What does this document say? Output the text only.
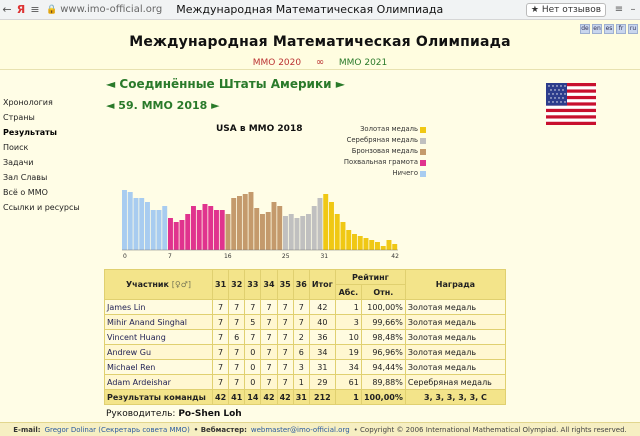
← Я ≡ 🔒 www.imo-official.org	Международная Математическая Олимпиада	★ Нет отзывов	≡ –
de en es	fr	ru
Международная Математическая Олимпиада
ММО 2020 ∞ ММО 2021
Хронология
Страны
Результаты
Поиск
Задачи
Зал Славы
Всё о ММО
Ссылки и ресурсы
◄ Соединённые Штаты Америки ►
◄ 59. ММО 2018 ►
USA в ММО 2018	Золотая медаль
Серебряная медаль
Бронзовая медаль
Похвальная грамота
Ничего
0	7	16	25	31	42
Участник [♀♂]	31	32	33	34	35	36	Итог	Рейтинг		Награда
								Абс.	Отн.	
James Lin	7	7	7	7	7	7	42	1	100,00%	Золотая медаль
Mihir Anand Singhal	7	7	5	7	7	7	40	3	99,66%	Золотая медаль
Vincent Huang	7	6	7	7	7	2	36	10	98,48%	Золотая медаль
Andrew Gu	7	7	0	7	7	6	34	19	96,96%	Золотая медаль
Michael Ren	7	7	0	7	7	3	31	34	94,44%	Золотая медаль
Adam Ardeishar	7	7	0	7	7	1	29	61	89,88%	Серебряная медаль
Результаты команды	42	41	14	42	42	31	212	1	100,00%	3, 3, 3, 3, 3, C
Руководитель: Po-Shen Loh
E-mail: Gregor Dolinar (Секретарь совета ММО) • Вебмастер: webmaster@imo-official.org • Copyright © 2006 International Mathematical Olympiad. All rights reserved.
